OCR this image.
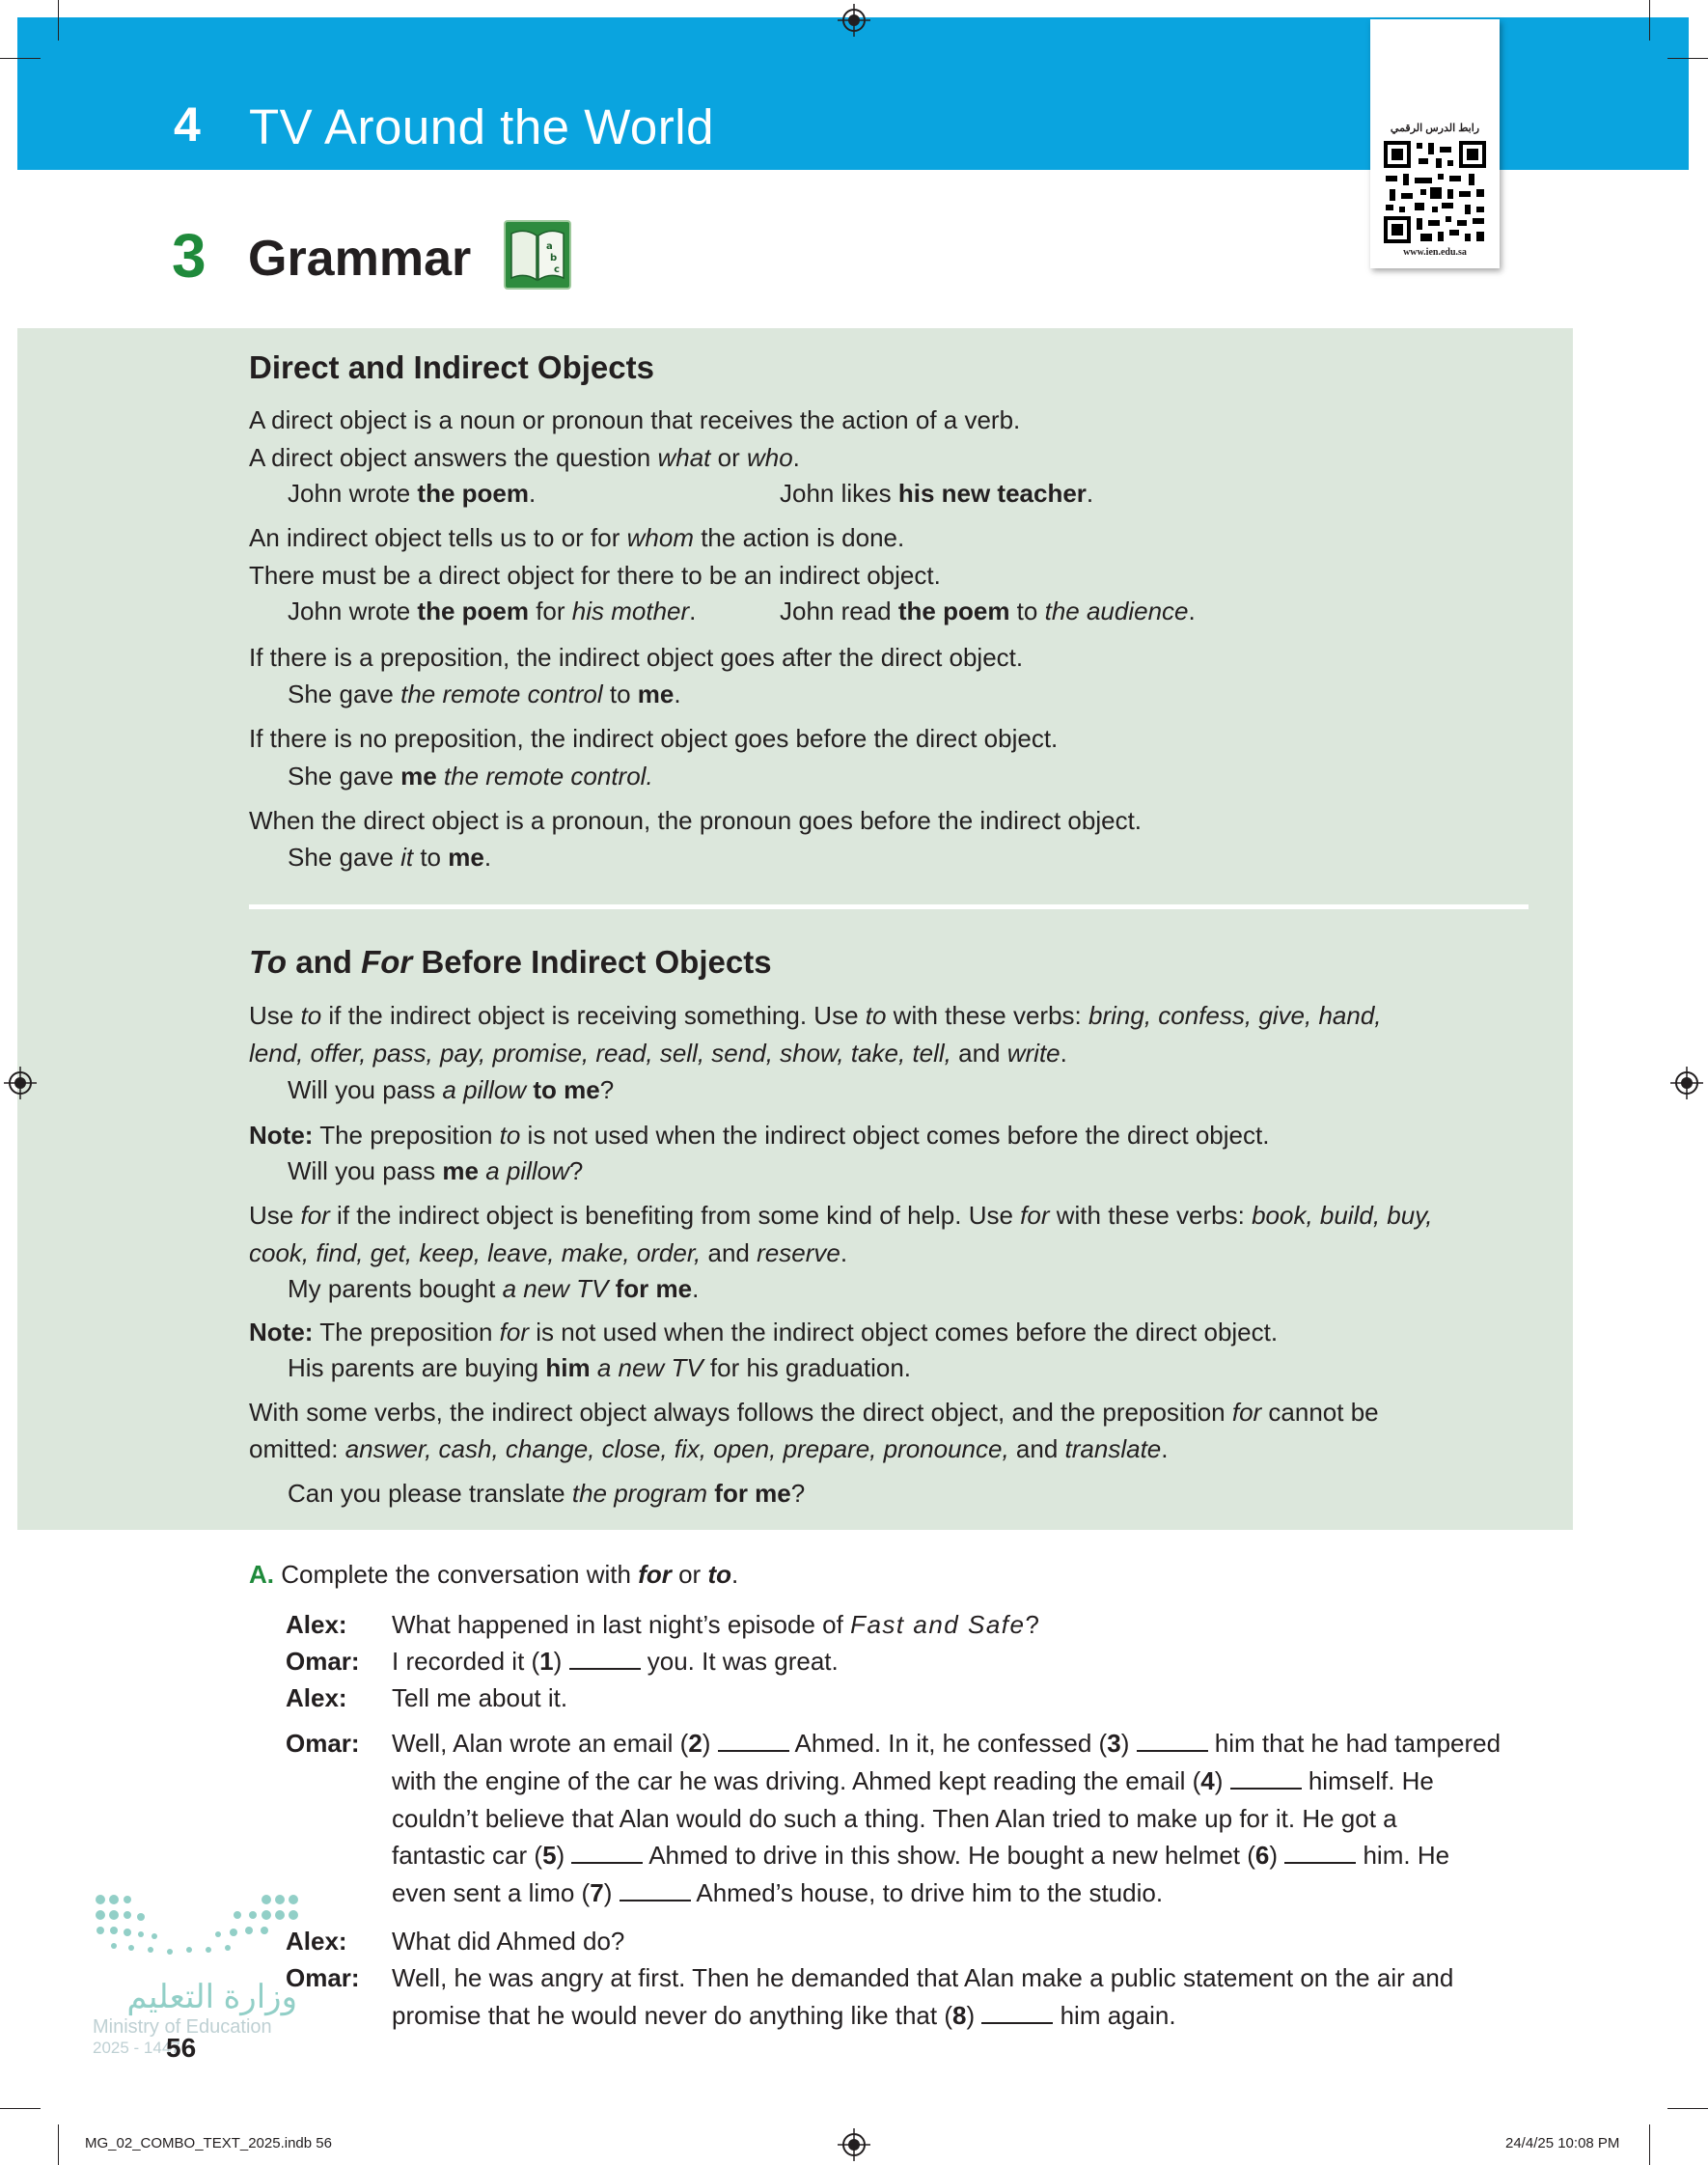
4 TV Around the World	رابط الدرس الرقمي
www.ien.edu.sa
3 Grammar	a
b
c
Direct and Indirect Objects
A direct object is a noun or pronoun that receives the action of a verb.
A direct object answers the question what or who.
John wrote the poem.	John likes his new teacher.
An indirect object tells us to or for whom the action is done.
There must be a direct object for there to be an indirect object.
John wrote the poem for his mother.	John read the poem to the audience.
If there is a preposition, the indirect object goes after the direct object.
She gave the remote control to me.
If there is no preposition, the indirect object goes before the direct object.
She gave me the remote control.
When the direct object is a pronoun, the pronoun goes before the indirect object.
She gave it to me.
To and For Before Indirect Objects
Use to if the indirect object is receiving something. Use to with these verbs: bring, confess, give, hand,
lend, offer, pass, pay, promise, read, sell, send, show, take, tell, and write.
Will you pass a pillow to me?
Note: The preposition to is not used when the indirect object comes before the direct object.
Will you pass me a pillow?
Use for if the indirect object is benefiting from some kind of help. Use for with these verbs: book, build, buy,
cook, find, get, keep, leave, make, order, and reserve.
My parents bought a new TV for me.
Note: The preposition for is not used when the indirect object comes before the direct object.
His parents are buying him a new TV for his graduation.
With some verbs, the indirect object always follows the direct object, and the preposition for cannot be
omitted: answer, cash, change, close, fix, open, prepare, pronounce, and translate.
Can you please translate the program for me?
A. Complete the conversation with for or to.
Alex: What happened in last night’s episode of Fast and Safe?
Omar: I recorded it (1)	you. It was great.
Alex: Tell me about it.
Omar: Well, Alan wrote an email (2)	Ahmed. In it, he confessed (3)	him that he had tampered
with the engine of the car he was driving. Ahmed kept reading the email (4)	himself. He
couldn’t believe that Alan would do such a thing. Then Alan tried to make up for it. He got a
fantastic car (5)	Ahmed to drive in this show. He bought a new helmet (6)	him. He
even sent a limo (7)	Ahmed’s house, to drive him to the studio.
Alex: What did Ahmed do?
Omar: Well, he was angry at first. Then he demanded that Alan make a public statement on the air and
promise that he would never do anything like that (8)	him again.
وزارة التعليم
Ministry of Education
2025 - 1447
56
MG_02_COMBO_TEXT_2025.indb 56	24/4/25 10:08 PM
